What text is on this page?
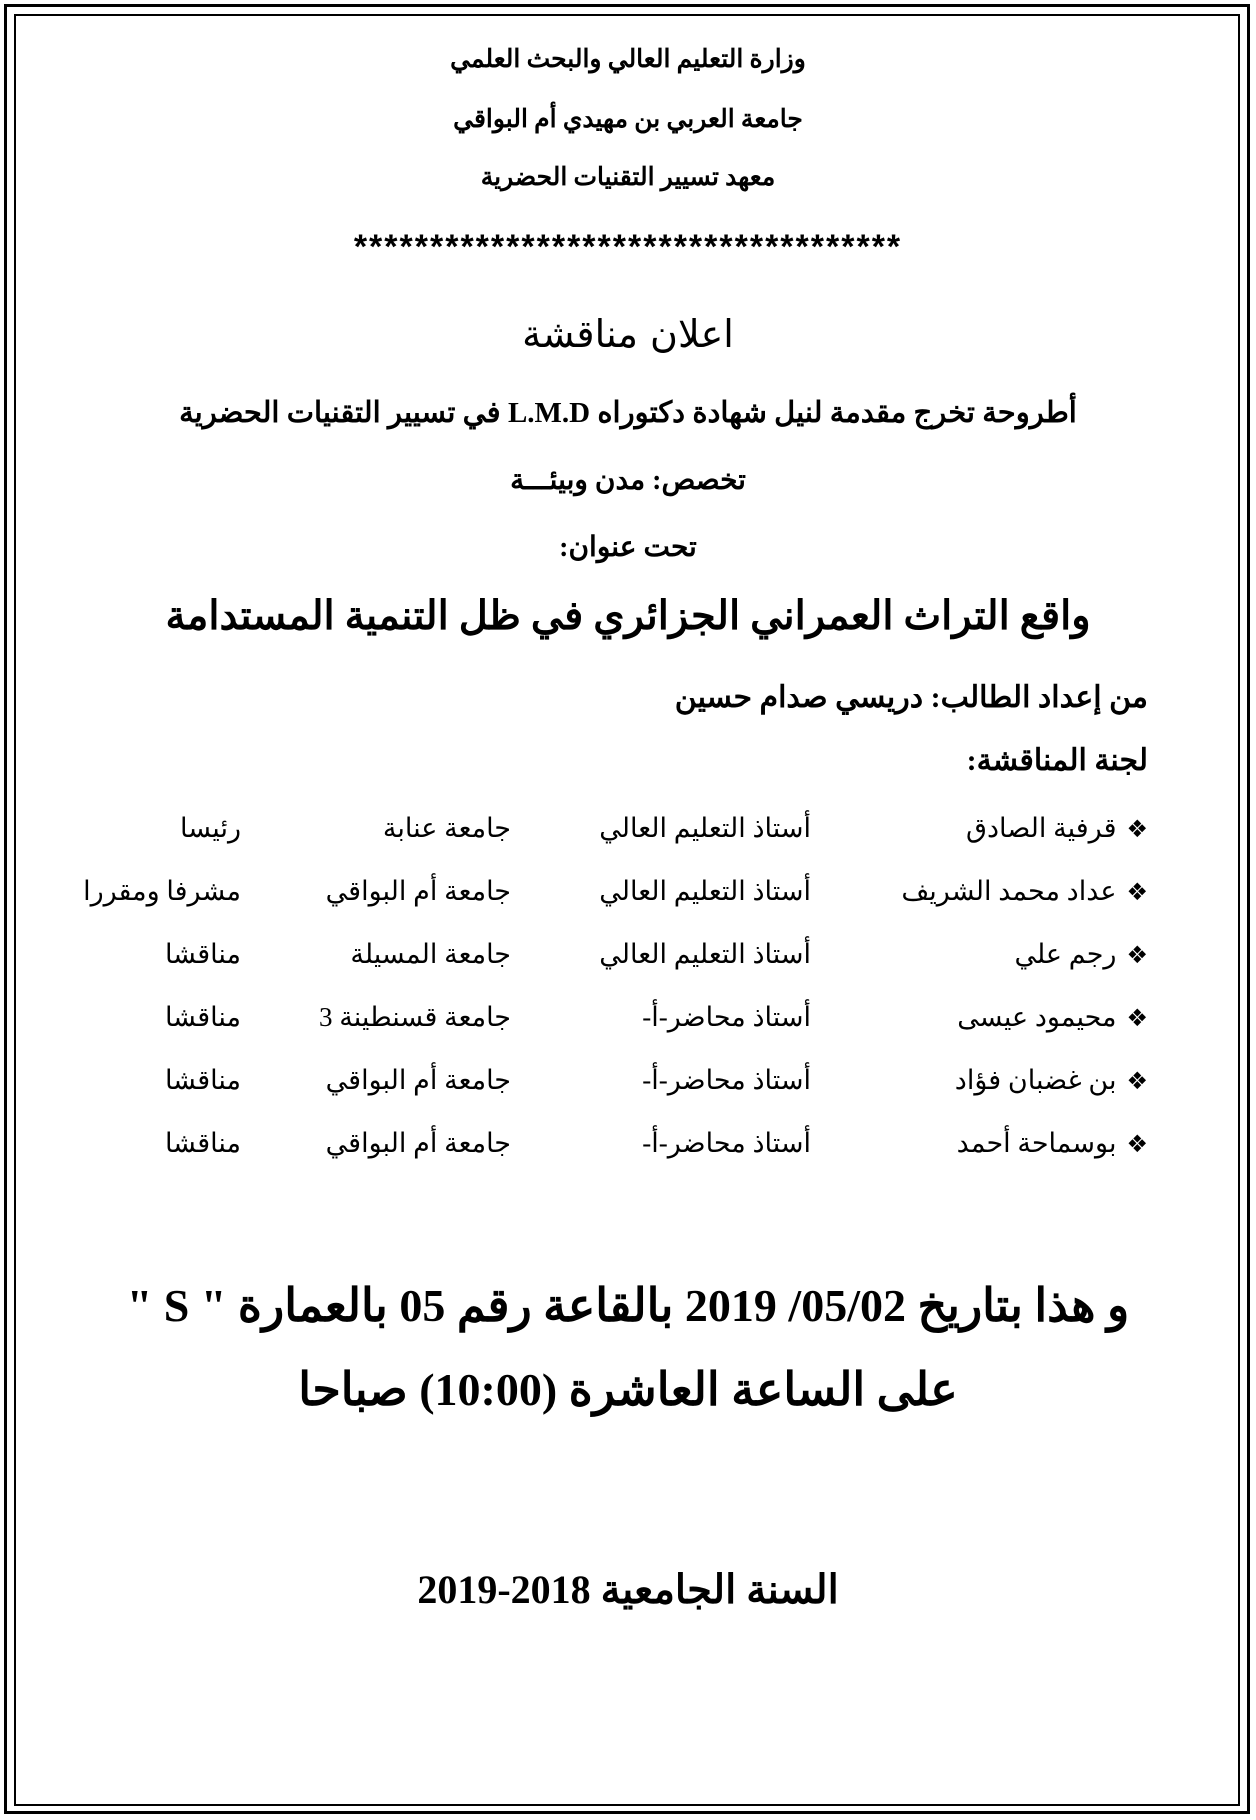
وزارة التعليم العالي والبحث العلمي
جامعة العربي بن مهيدي أم البواقي
معهد تسيير التقنيات الحضرية
************************************
اعلان مناقشة
أطروحة تخرج مقدمة لنيل شهادة دكتوراه L.M.D في تسيير التقنيات الحضرية
تخصص: مدن وبيئـــة
تحت عنوان:
واقع التراث العمراني الجزائري في ظل التنمية المستدامة
من إعداد الطالب: دريسي صدام حسين
لجنة المناقشة:
❖قرفية الصادق
أستاذ التعليم العالي
جامعة عنابة
رئيسا
❖عداد محمد الشريف
أستاذ التعليم العالي
جامعة أم البواقي
مشرفا ومقررا
❖رجم علي
أستاذ التعليم العالي
جامعة المسيلة
مناقشا
❖محيمود عيسى
أستاذ محاضر-أ-
جامعة قسنطينة 3
مناقشا
❖بن غضبان فؤاد
أستاذ محاضر-أ-
جامعة أم البواقي
مناقشا
❖بوسماحة أحمد
أستاذ محاضر-أ-
جامعة أم البواقي
مناقشا
و هذا بتاريخ 05/02/ 2019 بالقاعة رقم 05 بالعمارة " S "
على الساعة العاشرة (10:00) صباحا
السنة الجامعية 2018-2019
